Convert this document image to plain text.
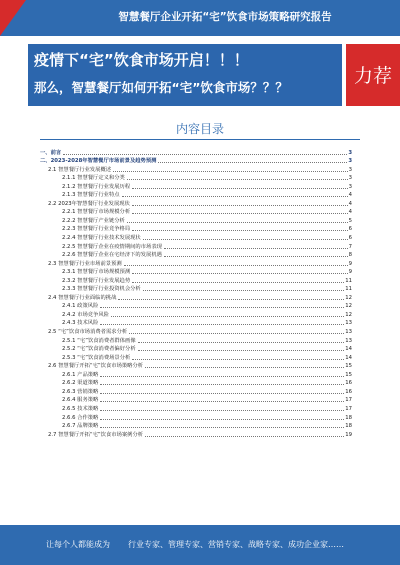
智慧餐厅企业开拓“宅”饮食市场策略研究报告
疫情下“宅”饮食市场开启！！！
那么，智慧餐厅如何开拓“宅”饮食市场？？？
力荐
内容目录
一、前言	3
二、2023-2028年智慧餐厅市场前景及趋势预测	3
2.1 智慧餐厅行业发展概述	3
2.1.1 智慧餐厅定义和分类	3
2.1.2 智慧餐厅行业发展历程	3
2.1.3 智慧餐厅行业特点	4
2.2 2023年智慧餐厅行业发展现状	4
2.2.1 智慧餐厅市场规模分析	4
2.2.2 智慧餐厅产业链分析	5
2.2.3 智慧餐厅行业竞争格局	6
2.2.4 智慧餐厅行业技术发展现状	6
2.2.5 智慧餐厅企业在疫情期间的市场表现	7
2.2.6 智慧餐厅企业在宅经济下的发展机遇	8
2.3 智慧餐厅行业市场前景预测	9
2.3.1 智慧餐厅市场规模预测	9
2.3.2 智慧餐厅行业发展趋势	11
2.3.3 智慧餐厅行业投资机会分析	11
2.4 智慧餐厅行业面临的挑战	12
2.4.1 政策风险	12
2.4.2 市场竞争风险	12
2.4.3 技术风险	13
2.5 “宅”饮食市场消费者需求分析	13
2.5.1 “宅”饮食消费者群体画像	13
2.5.2 “宅”饮食消费者偏好分析	14
2.5.3 “宅”饮食消费场景分析	14
2.6 智慧餐厅开拓“宅”饮食市场策略分析	15
2.6.1 产品策略	15
2.6.2 渠道策略	16
2.6.3 营销策略	16
2.6.4 服务策略	17
2.6.5 技术策略	17
2.6.6 合作策略	18
2.6.7 品牌策略	18
2.7 智慧餐厅开拓“宅”饮食市场案例分析	19
让每个人都能成为 行业专家、管理专家、营销专家、战略专家、成功企业家……
